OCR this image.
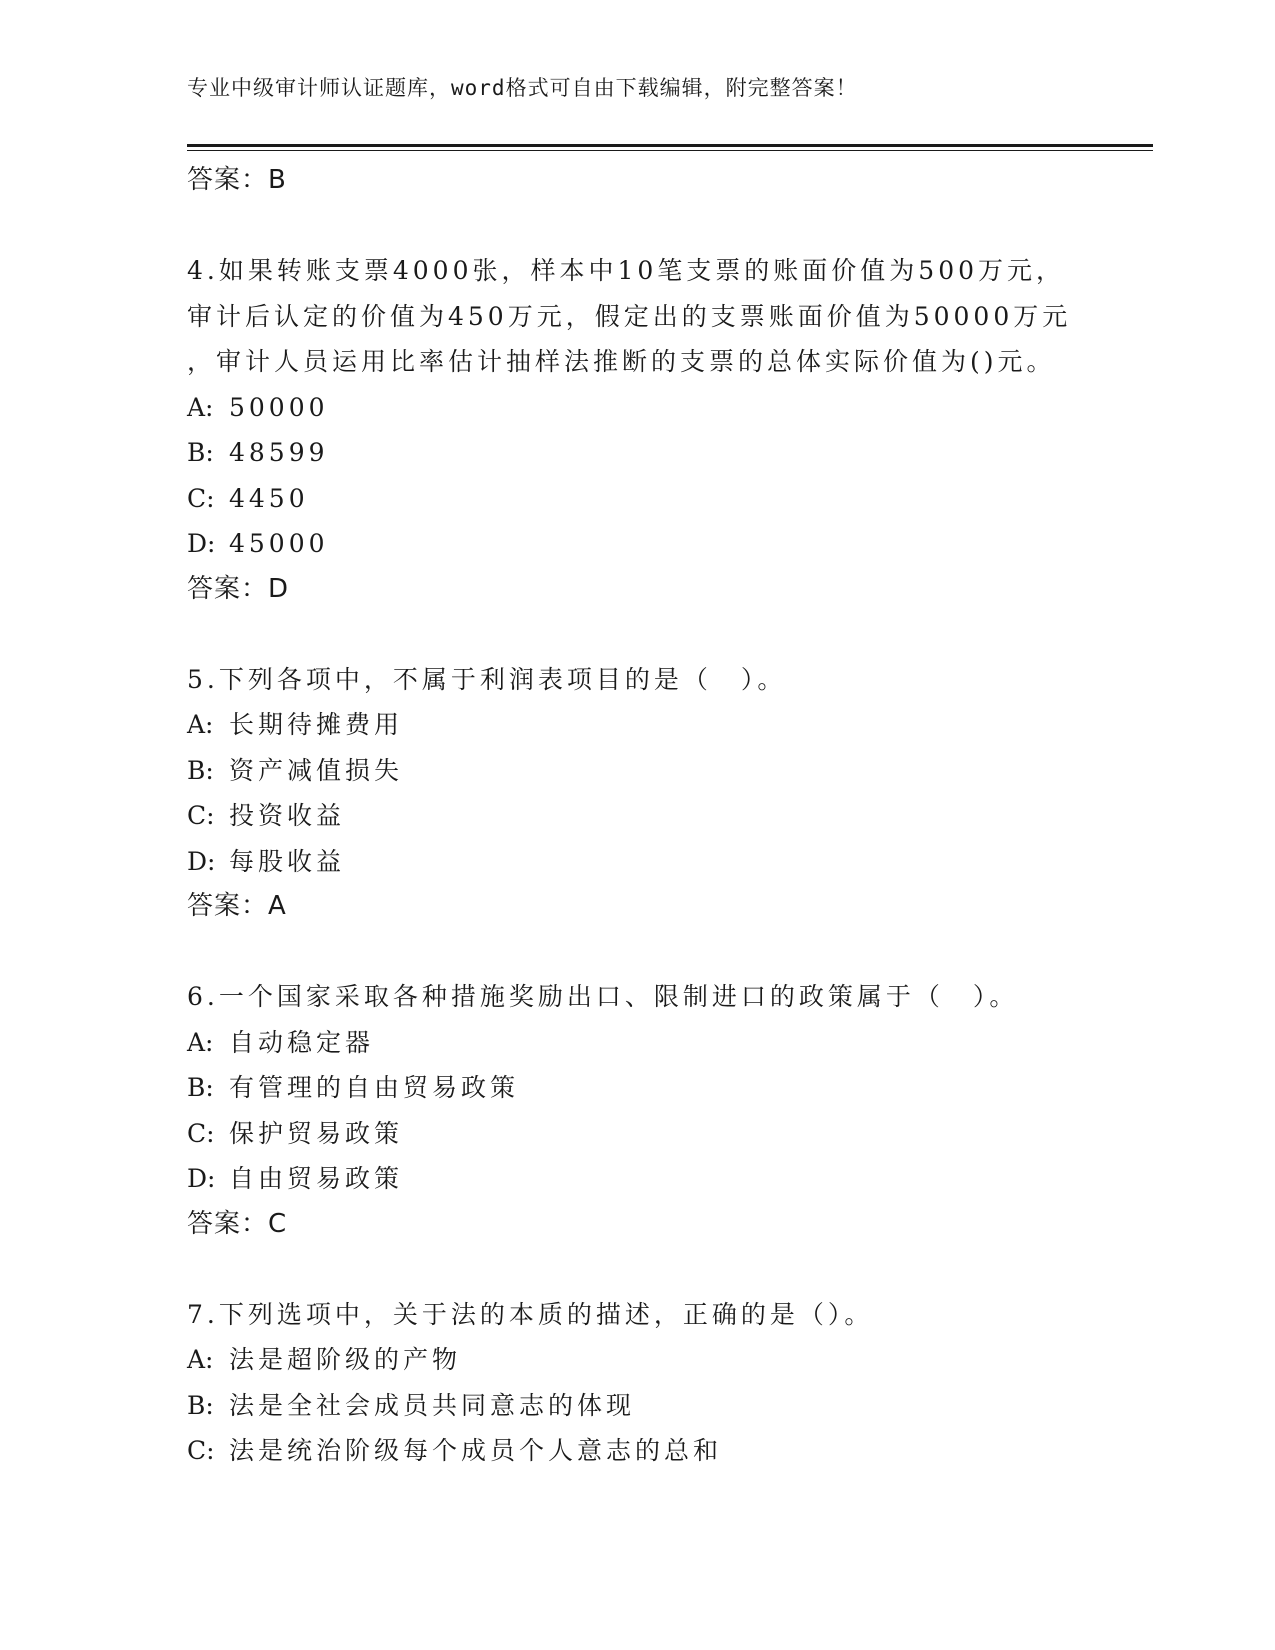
专业中级审计师认证题库，word格式可自由下载编辑，附完整答案！
答案：B
4.如果转账支票4000张，样本中10笔支票的账面价值为500万元，
审计后认定的价值为450万元，假定出的支票账面价值为50000万元
，审计人员运用比率估计抽样法推断的支票的总体实际价值为()元。
A: 50000
B: 48599
C: 4450
D: 45000
答案：D
5.下列各项中，不属于利润表项目的是（　）。
A: 长期待摊费用
B: 资产减值损失
C: 投资收益
D: 每股收益
答案：A
6.一个国家采取各种措施奖励出口、限制进口的政策属于（　）。
A: 自动稳定器
B: 有管理的自由贸易政策
C: 保护贸易政策
D: 自由贸易政策
答案：C
7.下列选项中，关于法的本质的描述，正确的是（）。
A: 法是超阶级的产物
B: 法是全社会成员共同意志的体现
C: 法是统治阶级每个成员个人意志的总和
